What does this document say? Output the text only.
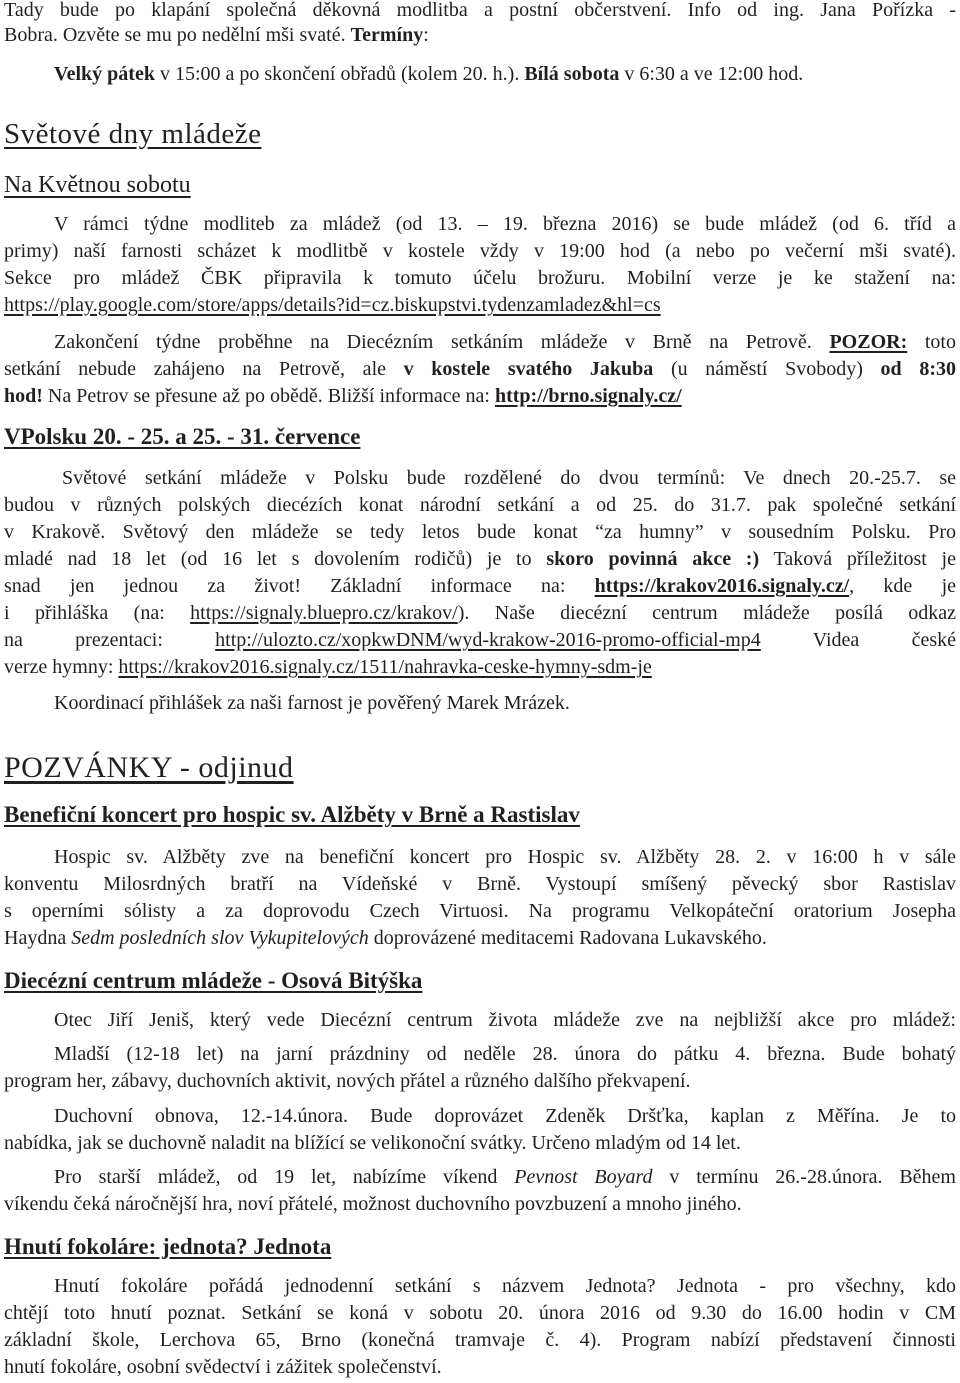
Tady bude po klapání společná děkovná modlitba a postní občerstvení. Info od ing. Jana Pořízka -
Bobra. Ozvěte se mu po nedělní mši svaté. Termíny:
Velký pátek v 15:00 a po skončení obřadů (kolem 20. h.). Bílá sobota v 6:30 a ve 12:00 hod.
Světové dny mládeže
Na Květnou sobotu
V rámci týdne modliteb za mládež (od 13. – 19. března 2016) se bude mládež (od 6. tříd a
primy) naší farnosti scházet k modlitbě v kostele vždy v 19:00 hod (a nebo po večerní mši svaté).
Sekce pro mládež ČBK připravila k tomuto účelu brožuru. Mobilní verze je ke stažení na:
https://play.google.com/store/apps/details?id=cz.biskupstvi.tydenzamladez&hl=cs
Zakončení týdne proběhne na Diecézním setkáním mládeže v Brně na Petrově. POZOR: toto
setkání nebude zahájeno na Petrově, ale v kostele svatého Jakuba (u náměstí Svobody) od 8:30
hod! Na Petrov se přesune až po obědě. Bližší informace na: http://brno.signaly.cz/
VPolsku 20. - 25. a 25. - 31. července
Světové setkání mládeže v Polsku bude rozdělené do dvou termínů: Ve dnech 20.-25.7. se
budou v různých polských diecézích konat národní setkání a od 25. do 31.7. pak společné setkání
v Krakově. Světový den mládeže se tedy letos bude konat “za humny” v sousedním Polsku. Pro
mladé nad 18 let (od 16 let s dovolením rodičů) je to skoro povinná akce :) Taková příležitost je
snad jen jednou za život! Základní informace na: https://krakov2016.signaly.cz/, kde je
i přihláška (na: https://signaly.bluepro.cz/krakov/). Naše diecézní centrum mládeže posílá odkaz
na prezentaci: http://ulozto.cz/xopkwDNM/wyd-krakow-2016-promo-official-mp4 Videa české
verze hymny: https://krakov2016.signaly.cz/1511/nahravka-ceske-hymny-sdm-je
Koordinací přihlášek za naši farnost je pověřený Marek Mrázek.
POZVÁNKY - odjinud
Benefiční koncert pro hospic sv. Alžběty v Brně a Rastislav
Hospic sv. Alžběty zve na benefiční koncert pro Hospic sv. Alžběty 28. 2. v 16:00 h v sále
konventu Milosrdných bratří na Vídeňské v Brně. Vystoupí smíšený pěvecký sbor Rastislav
s operními sólisty a za doprovodu Czech Virtuosi. Na programu Velkopáteční oratorium Josepha
Haydna Sedm posledních slov Vykupitelových doprovázené meditacemi Radovana Lukavského.
Diecézní centrum mládeže - Osová Bitýška
Otec Jiří Jeniš, který vede Diecézní centrum života mládeže zve na nejbližší akce pro mládež:
Mladší (12-18 let) na jarní prázdniny od neděle 28. února do pátku 4. března. Bude bohatý
program her, zábavy, duchovních aktivit, nových přátel a různého dalšího překvapení.
Duchovní obnova, 12.-14.února. Bude doprovázet Zdeněk Dršťka, kaplan z Měřína. Je to
nabídka, jak se duchovně naladit na blížící se velikonoční svátky. Určeno mladým od 14 let.
Pro starší mládež, od 19 let, nabízíme víkend Pevnost Boyard v termínu 26.-28.února. Během
víkendu čeká náročnější hra, noví přátelé, možnost duchovního povzbuzení a mnoho jiného.
Hnutí fokoláre: jednota? Jednota
Hnutí fokoláre pořádá jednodenní setkání s názvem Jednota? Jednota - pro všechny, kdo
chtějí toto hnutí poznat. Setkání se koná v sobotu 20. února 2016 od 9.30 do 16.00 hodin v CM
základní škole, Lerchova 65, Brno (konečná tramvaje č. 4). Program nabízí představení činnosti
hnutí fokoláre, osobní svědectví i zážitek společenství.
